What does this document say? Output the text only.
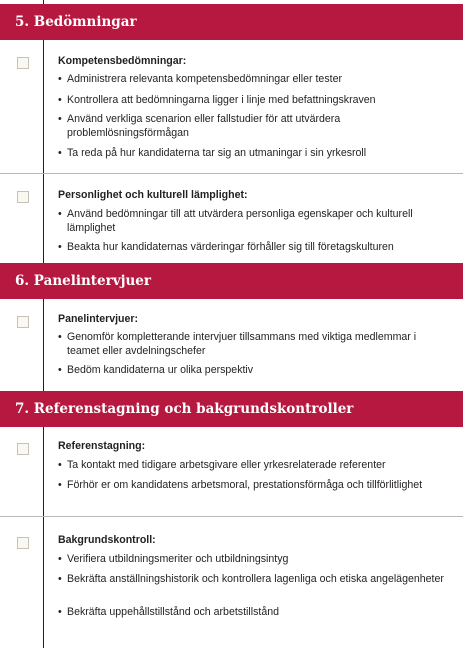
5. Bedömningar
Kompetensbedömningar:
• Administrera relevanta kompetensbedömningar eller tester
• Kontrollera att bedömningarna ligger i linje med befattningskraven
• Använd verkliga scenarion eller fallstudier för att utvärdera problemlösningsförmågan
• Ta reda på hur kandidaterna tar sig an utmaningar i sin yrkesroll
Personlighet och kulturell lämplighet:
• Använd bedömningar till att utvärdera personliga egenskaper och kulturell lämplighet
• Beakta hur kandidaternas värderingar förhåller sig till företagskulturen
6. Panelintervjuer
Panelintervjuer:
• Genomför kompletterande intervjuer tillsammans med viktiga medlemmar i teamet eller avdelningschefer
• Bedöm kandidaterna ur olika perspektiv
7. Referenstagning och bakgrundskontroller
Referenstagning:
• Ta kontakt med tidigare arbetsgivare eller yrkesrelaterade referenter
• Förhör er om kandidatens arbetsmoral, prestationsförmåga och tillförlitlighet
Bakgrundskontroll:
• Verifiera utbildningsmeriter och utbildningsintyg
• Bekräfta anställningshistorik och kontrollera lagenliga och etiska angelägenheter
• Bekräfta uppehållstillstånd och arbetstillstånd
